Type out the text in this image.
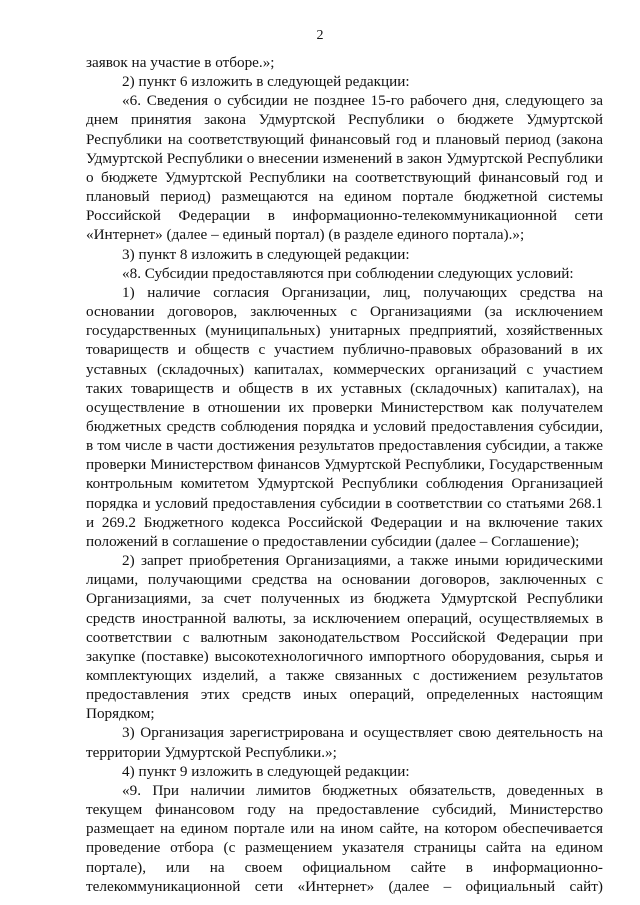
2

заявок на участие в отборе.»;

2) пункт 6 изложить в следующей редакции:

«6. Сведения о субсидии не позднее 15-го рабочего дня, следующего за днем принятия закона Удмуртской Республики о бюджете Удмуртской Республики на соответствующий финансовый год и плановый период (закона Удмуртской Республики о внесении изменений в закон Удмуртской Республики о бюджете Удмуртской Республики на соответствующий финансовый год и плановый период) размещаются на едином портале бюджетной системы Российской Федерации в информационно-телекоммуникационной сети «Интернет» (далее – единый портал) (в разделе единого портала).»;

3) пункт 8 изложить в следующей редакции:

«8. Субсидии предоставляются при соблюдении следующих условий:

1) наличие согласия Организации, лиц, получающих средства на основании договоров, заключенных с Организациями (за исключением государственных (муниципальных) унитарных предприятий, хозяйственных товариществ и обществ с участием публично-правовых образований в их уставных (складочных) капиталах, коммерческих организаций с участием таких товариществ и обществ в их уставных (складочных) капиталах), на осуществление в отношении их проверки Министерством как получателем бюджетных средств соблюдения порядка и условий предоставления субсидии, в том числе в части достижения результатов предоставления субсидии, а также проверки Министерством финансов Удмуртской Республики, Государственным контрольным комитетом Удмуртской Республики соблюдения Организацией порядка и условий предоставления субсидии в соответствии со статьями 268.1 и 269.2 Бюджетного кодекса Российской Федерации и на включение таких положений в соглашение о предоставлении субсидии (далее – Соглашение);

2) запрет приобретения Организациями, а также иными юридическими лицами, получающими средства на основании договоров, заключенных с Организациями, за счет полученных из бюджета Удмуртской Республики средств иностранной валюты, за исключением операций, осуществляемых в соответствии с валютным законодательством Российской Федерации при закупке (поставке) высокотехнологичного импортного оборудования, сырья и комплектующих изделий, а также связанных с достижением результатов предоставления этих средств иных операций, определенных настоящим Порядком;

3) Организация зарегистрирована и осуществляет свою деятельность на территории Удмуртской Республики.»;

4) пункт 9 изложить в следующей редакции:

«9. При наличии лимитов бюджетных обязательств, доведенных в текущем финансовом году на предоставление субсидий, Министерство размещает на едином портале или на ином сайте, на котором обеспечивается проведение отбора (с размещением указателя страницы сайта на едином портале), или на своем официальном сайте в информационно-телекоммуникационной сети «Интернет» (далее – официальный сайт)
